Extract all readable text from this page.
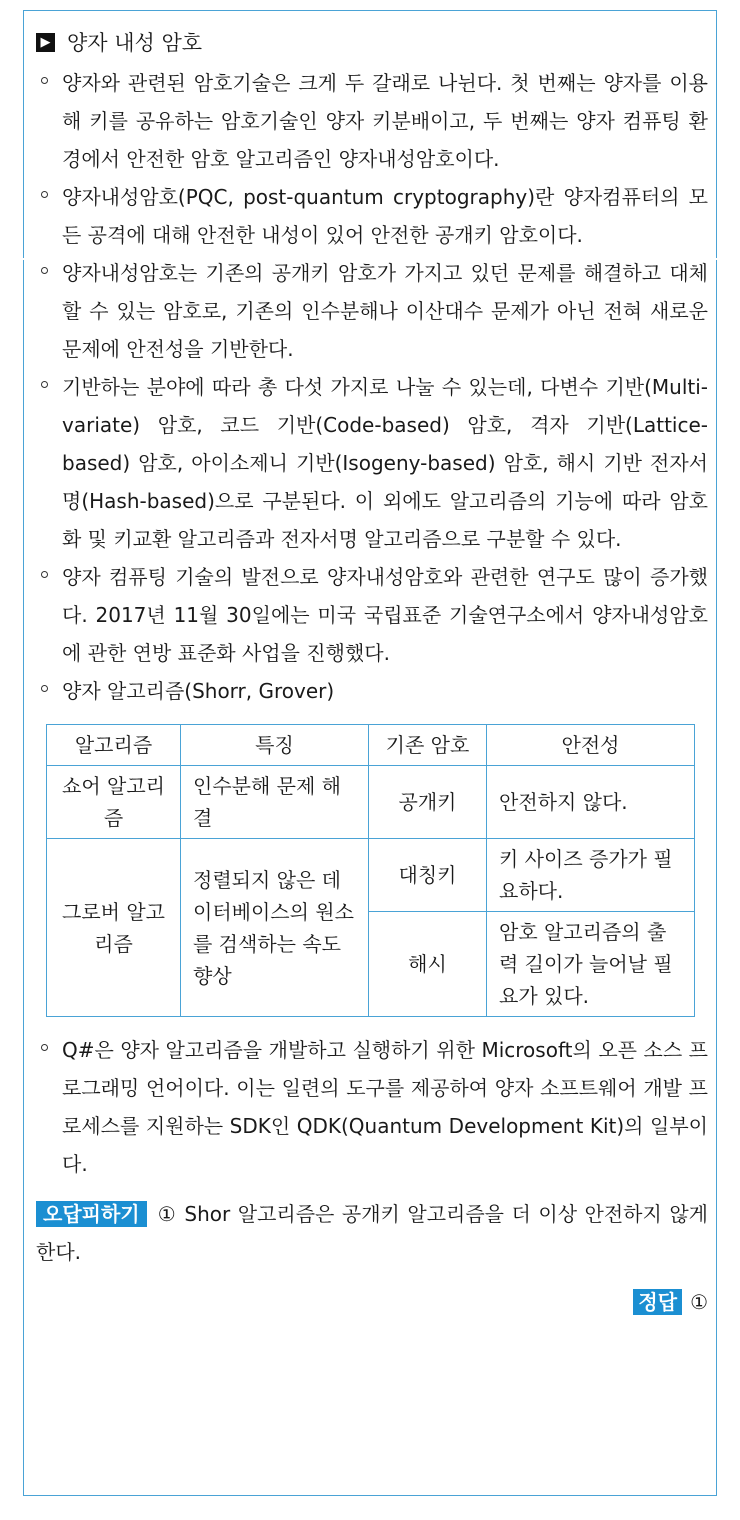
▶ 양자 내성 암호

양자와 관련된 암호기술은 크게 두 갈래로 나뉜다. 첫 번째는 양자를 이용해 키를 공유하는 암호기술인 양자 키분배이고, 두 번째는 양자 컴퓨팅 환경에서 안전한 암호 알고리즘인 양자내성암호이다.

양자내성암호(PQC, post-quantum cryptography)란 양자컴퓨터의 모든 공격에 대해 안전한 내성이 있어 안전한 공개키 암호이다.

양자내성암호는 기존의 공개키 암호가 가지고 있던 문제를 해결하고 대체할 수 있는 암호로, 기존의 인수분해나 이산대수 문제가 아닌 전혀 새로운 문제에 안전성을 기반한다.

기반하는 분야에 따라 총 다섯 가지로 나눌 수 있는데, 다변수 기반(Multi-variate) 암호, 코드 기반(Code-based) 암호, 격자 기반(Lattice-based) 암호, 아이소제니 기반(Isogeny-based) 암호, 해시 기반 전자서명(Hash-based)으로 구분된다. 이 외에도 알고리즘의 기능에 따라 암호화 및 키교환 알고리즘과 전자서명 알고리즘으로 구분할 수 있다.

양자 컴퓨팅 기술의 발전으로 양자내성암호와 관련한 연구도 많이 증가했다. 2017년 11월 30일에는 미국 국립표준 기술연구소에서 양자내성암호에 관한 연방 표준화 사업을 진행했다.

양자 알고리즘(Shorr, Grover)

알고리즘	특징	기존 암호	안전성
쇼어 알고리즘	인수분해 문제 해결	공개키	안전하지 않다.
그로버 알고리즘	정렬되지 않은 데이터베이스의 원소를 검색하는 속도 향상	대칭키	키 사이즈 증가가 필요하다.
		해시	암호 알고리즘의 출력 길이가 늘어날 필요가 있다.

Q#은 양자 알고리즘을 개발하고 실행하기 위한 Microsoft의 오픈 소스 프로그래밍 언어이다. 이는 일련의 도구를 제공하여 양자 소프트웨어 개발 프로세스를 지원하는 SDK인 QDK(Quantum Development Kit)의 일부이다.

오답피하기 ① Shor 알고리즘은 공개키 알고리즘을 더 이상 안전하지 않게 한다.
정답 ①
